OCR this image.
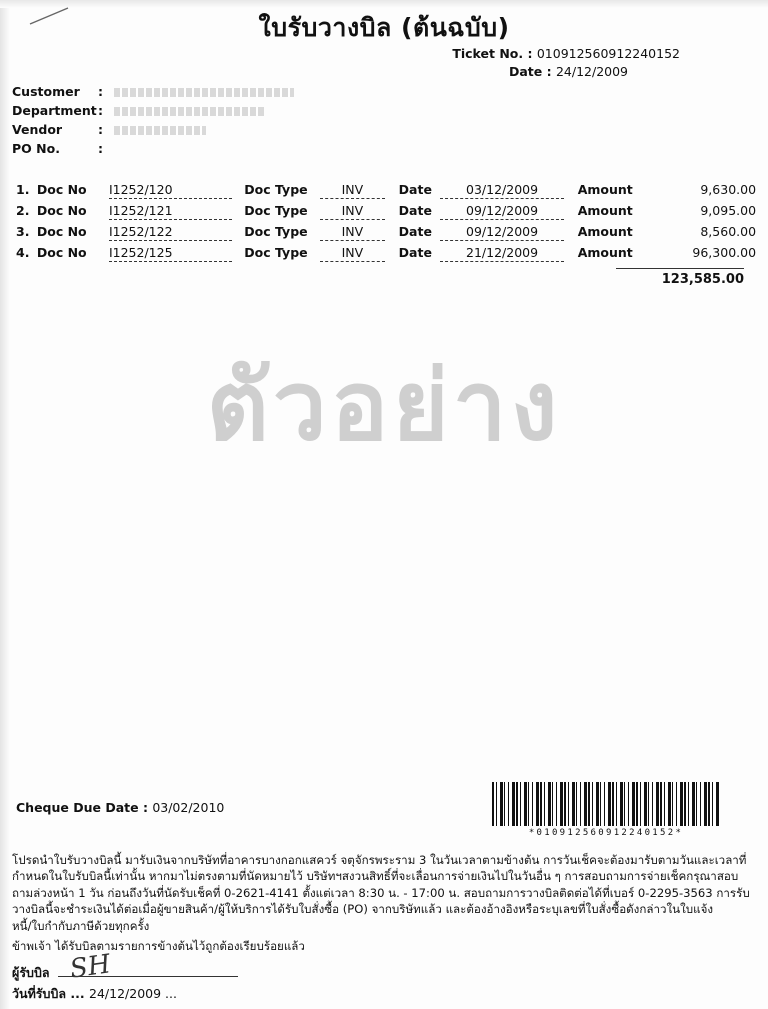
ใบรับวางบิล (ต้นฉบับ)
Ticket No. : 010912560912240152
Date : 24/12/2009
Customer	:
Department :
Vendor	:
PO No.	:
1. Doc No	I1252/120	Doc Type	INV	Date	03/12/2009	Amount	9,630.00
2. Doc No	I1252/121	Doc Type	INV	Date	09/12/2009	Amount	9,095.00
3. Doc No	I1252/122	Doc Type	INV	Date	09/12/2009	Amount	8,560.00
4. Doc No	I1252/125	Doc Type	INV	Date	21/12/2009	Amount	96,300.00
123,585.00
ตัวอย่าง
Cheque Due Date : 03/02/2010
*010912560912240152*

โปรดนำใบรับวางบิลนี้ มารับเงินจากบริษัทที่อาคารบางกอกแสควร์ จตุจักรพระราม 3 ในวันเวลาตามข้างต้น การวันเช็คจะต้องมารับตามวันและเวลาที่

กำหนดในใบรับบิลนี้เท่านั้น หากมาไม่ตรงตามที่นัดหมายไว้ บริษัทฯสงวนสิทธิ์ที่จะเลื่อนการจ่ายเงินไปในวันอื่น ๆ การสอบถามการจ่ายเช็คกรุณาสอบ

ถามล่วงหน้า 1 วัน ก่อนถึงวันที่นัดรับเช็คที่ 0-2621-4141 ตั้งแต่เวลา 8:30 น. - 17:00 น. สอบถามการวางบิลติดต่อได้ที่เบอร์ 0-2295-3563 การรับ

วางบิลนี้จะชำระเงินได้ต่อเมื่อผู้ขายสินค้า/ผู้ให้บริการได้รับใบสั่งซื้อ (PO) จากบริษัทแล้ว และต้องอ้างอิงหรือระบุเลขที่ใบสั่งซื้อดังกล่าวในใบแจ้ง

หนี้/ใบกำกับภาษีด้วยทุกครั้ง

ข้าพเจ้า ได้รับบิลตามรายการข้างต้นไว้ถูกต้องเรียบร้อยแล้ว
ผู้รับบิล SH
วันที่รับบิล ... 24/12/2009 ...
